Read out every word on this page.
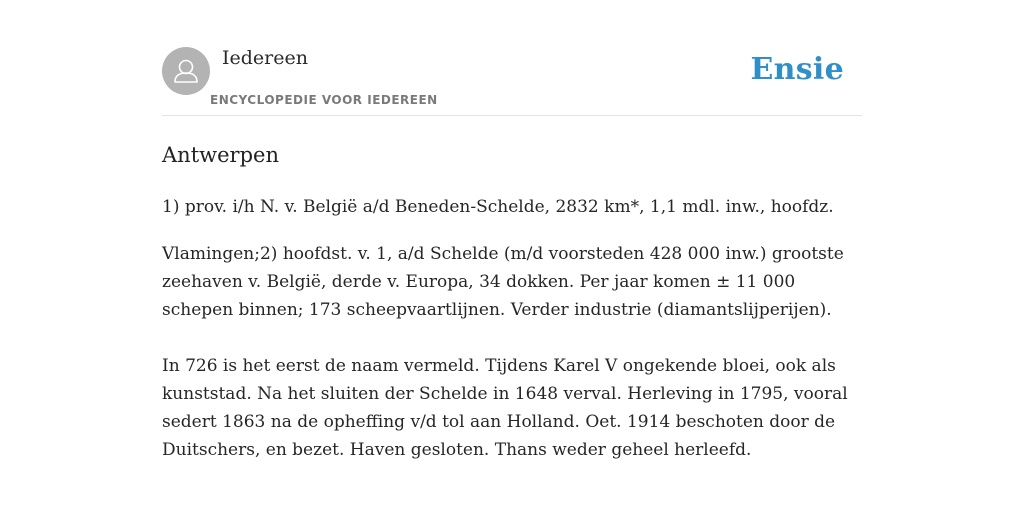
Iedereen
ENCYCLOPEDIE VOOR IEDEREEN
Ensie
Antwerpen

1) prov. i/h N. v. België a/d Beneden-Schelde, 2832 km*, 1,1 mdl. inw., hoofdz.

Vlamingen;2) hoofdst. v. 1, a/d Schelde (m/d voorsteden 428 000 inw.) grootste zeehaven v. België, derde v. Europa, 34 dokken. Per jaar komen ± 11 000 schepen binnen; 173 scheepvaartlijnen. Verder industrie (diamantslijperijen).

In 726 is het eerst de naam vermeld. Tijdens Karel V ongekende bloei, ook als kunststad. Na het sluiten der Schelde in 1648 verval. Herleving in 1795, vooral sedert 1863 na de opheffing v/d tol aan Holland. Oet. 1914 beschoten door de Duitschers, en bezet. Haven gesloten. Thans weder geheel herleefd.
